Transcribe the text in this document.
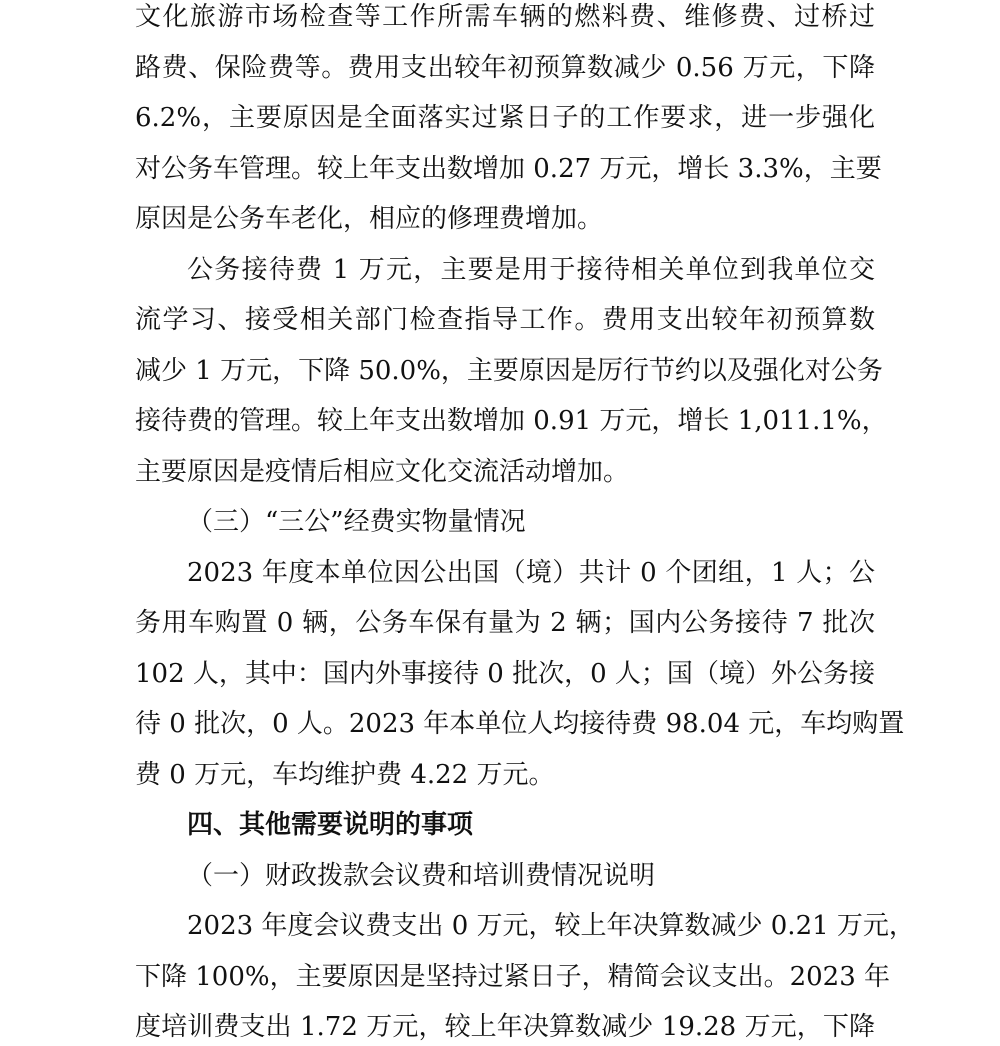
文化旅游市场检查等工作所需车辆的燃料费、维修费、过桥过
路费、保险费等。费用支出较年初预算数减少 0.56 万元，下降
6.2%，主要原因是全面落实过紧日子的工作要求，进一步强化
对公务车管理。较上年支出数增加 0.27 万元，增长 3.3%，主要
原因是公务车老化，相应的修理费增加。
公务接待费 1 万元，主要是用于接待相关单位到我单位交
流学习、接受相关部门检查指导工作。费用支出较年初预算数
减少 1 万元，下降 50.0%，主要原因是厉行节约以及强化对公务
接待费的管理。较上年支出数增加 0.91 万元，增长 1,011.1%，
主要原因是疫情后相应文化交流活动增加。
（三）“三公”经费实物量情况
2023 年度本单位因公出国（境）共计 0 个团组，1 人；公
务用车购置 0 辆，公务车保有量为 2 辆；国内公务接待 7 批次
102 人，其中：国内外事接待 0 批次，0 人；国（境）外公务接
待 0 批次，0 人。2023 年本单位人均接待费 98.04 元，车均购置
费 0 万元，车均维护费 4.22 万元。
四、其他需要说明的事项
（一）财政拨款会议费和培训费情况说明
2023 年度会议费支出 0 万元，较上年决算数减少 0.21 万元，
下降 100%，主要原因是坚持过紧日子，精简会议支出。2023 年
度培训费支出 1.72 万元，较上年决算数减少 19.28 万元，下降
